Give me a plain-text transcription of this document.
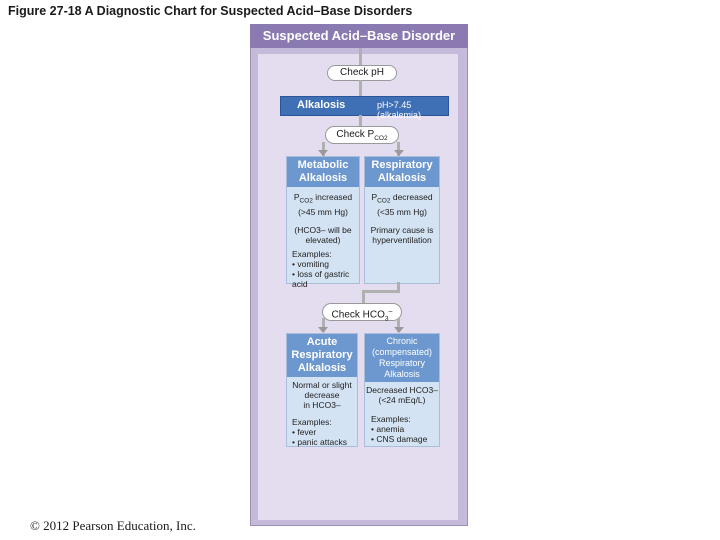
Figure 27-18 A Diagnostic Chart for Suspected Acid–Base Disorders
Suspected Acid–Base Disorder
Check pH
Alkalosis	pH>7.45 (alkalemia)
Check $P_{CO2}$
Metabolic
Alkalosis
$P_{CO2}$ increased
(>45 mm Hg)
(HCO3– will be elevated)
Examples:
• vomiting
• loss of gastric acid
Respiratory
Alkalosis
$P_{CO2}$ decreased
(<35 mm Hg)
Primary cause is hyperventilation
Check $HCO_3^-$
Acute
Respiratory
Alkalosis
Normal or slight
decrease
in HCO3–
Examples:
• fever
• panic attacks
Chronic
(compensated)
Respiratory
Alkalosis
Decreased HCO3–
(<24 mEq/L)
Examples:
• anemia
• CNS damage
© 2012 Pearson Education, Inc.
